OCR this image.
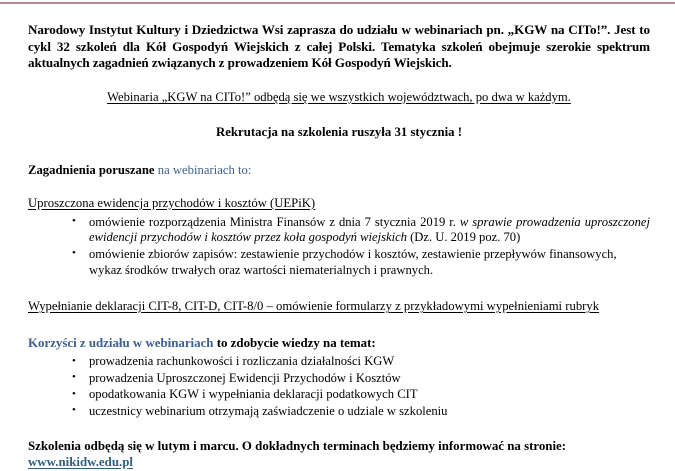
Narodowy Instytut Kultury i Dziedzictwa Wsi zaprasza do udziału w webinariach pn. „KGW na CITo!”. Jest to cykl 32 szkoleń dla Kół Gospodyń Wiejskich z całej Polski. Tematyka szkoleń obejmuje szerokie spektrum aktualnych zagadnień związanych z prowadzeniem Kół Gospodyń Wiejskich.

Webinaria „KGW na CITo!” odbędą się we wszystkich województwach, po dwa w każdym.

Rekrutacja na szkolenia ruszyła 31 stycznia !

Zagadnienia poruszane na webinariach to:

Uproszczona ewidencja przychodów i kosztów (UEPiK)

• omówienie rozporządzenia Ministra Finansów z dnia 7 stycznia 2019 r. w sprawie prowadzenia uproszczonej ewidencji przychodów i kosztów przez koła gospodyń wiejskich (Dz. U. 2019 poz. 70)
• omówienie zbiorów zapisów: zestawienie przychodów i kosztów, zestawienie przepływów finansowych, wykaz środków trwałych oraz wartości niematerialnych i prawnych.

Wypełnianie deklaracji CIT-8, CIT-D, CIT-8/0 – omówienie formularzy z przykładowymi wypełnieniami rubryk

Korzyści z udziału w webinariach to zdobycie wiedzy na temat:

• prowadzenia rachunkowości i rozliczania działalności KGW
• prowadzenia Uproszczonej Ewidencji Przychodów i Kosztów
• opodatkowania KGW i wypełniania deklaracji podatkowych CIT
• uczestnicy webinarium otrzymają zaświadczenie o udziale w szkoleniu

Szkolenia odbędą się w lutym i marcu. O dokładnych terminach będziemy informować na stronie:
www.nikidw.edu.pl
